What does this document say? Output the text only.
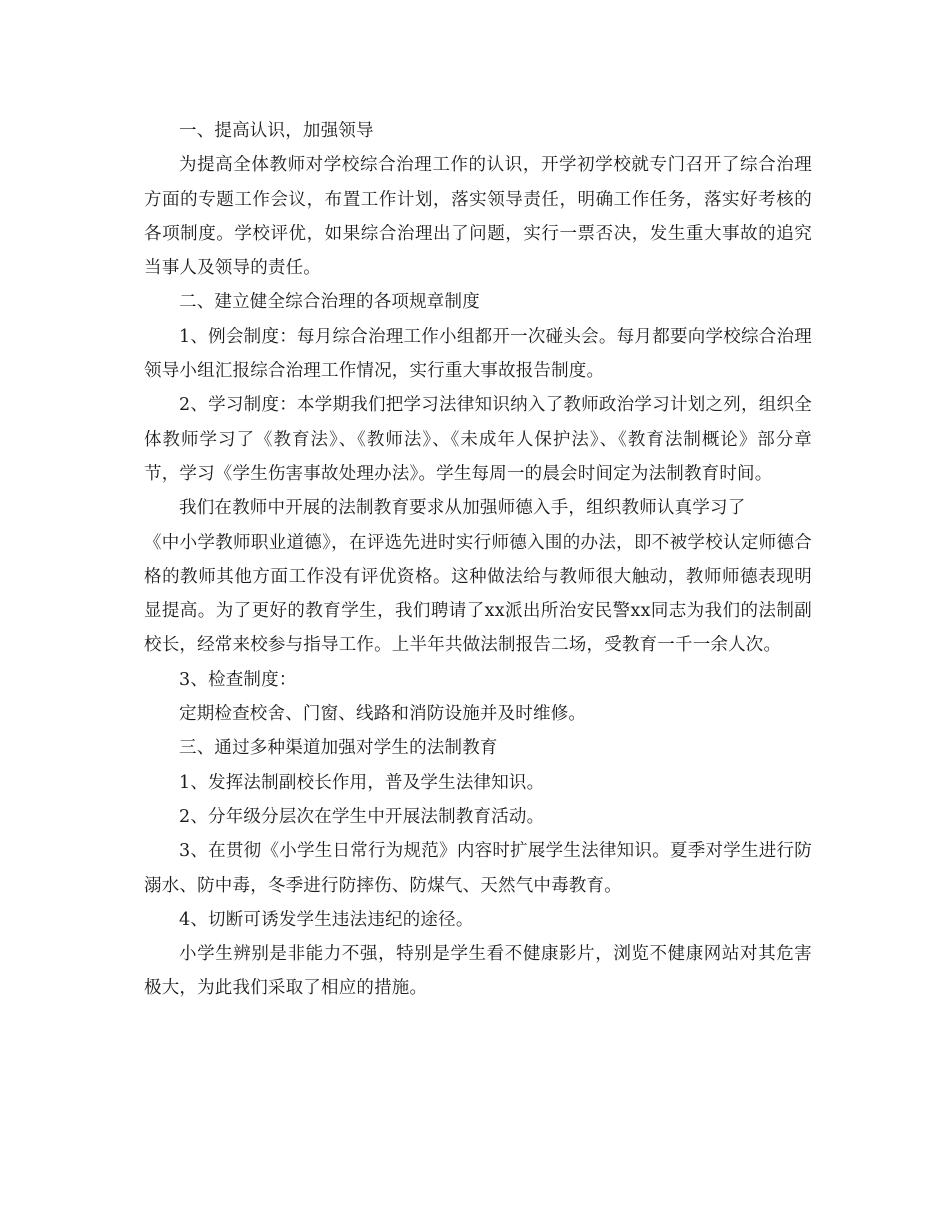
一、提高认识，加强领导

为提高全体教师对学校综合治理工作的认识，开学初学校就专门召开了综合治理方面的专题工作会议，布置工作计划，落实领导责任，明确工作任务，落实好考核的各项制度。学校评优，如果综合治理出了问题，实行一票否决，发生重大事故的追究当事人及领导的责任。

二、建立健全综合治理的各项规章制度

1、例会制度：每月综合治理工作小组都开一次碰头会。每月都要向学校综合治理领导小组汇报综合治理工作情况，实行重大事故报告制度。

2、学习制度：本学期我们把学习法律知识纳入了教师政治学习计划之列，组织全体教师学习了《教育法》、《教师法》、《未成年人保护法》、《教育法制概论》部分章节，学习《学生伤害事故处理办法》。学生每周一的晨会时间定为法制教育时间。

我们在教师中开展的法制教育要求从加强师德入手，组织教师认真学习了

《中小学教师职业道德》，在评选先进时实行师德入围的办法，即不被学校认定师德合格的教师其他方面工作没有评优资格。这种做法给与教师很大触动，教师师德表现明显提高。为了更好的教育学生，我们聘请了xx派出所治安民警xx同志为我们的法制副校长，经常来校参与指导工作。上半年共做法制报告二场，受教育一千一余人次。

3、检查制度：

定期检查校舍、门窗、线路和消防设施并及时维修。

三、通过多种渠道加强对学生的法制教育

1、发挥法制副校长作用，普及学生法律知识。

2、分年级分层次在学生中开展法制教育活动。

3、在贯彻《小学生日常行为规范》内容时扩展学生法律知识。夏季对学生进行防溺水、防中毒，冬季进行防摔伤、防煤气、天然气中毒教育。

4、切断可诱发学生违法违纪的途径。

小学生辨别是非能力不强，特别是学生看不健康影片，浏览不健康网站对其危害极大，为此我们采取了相应的措施。
